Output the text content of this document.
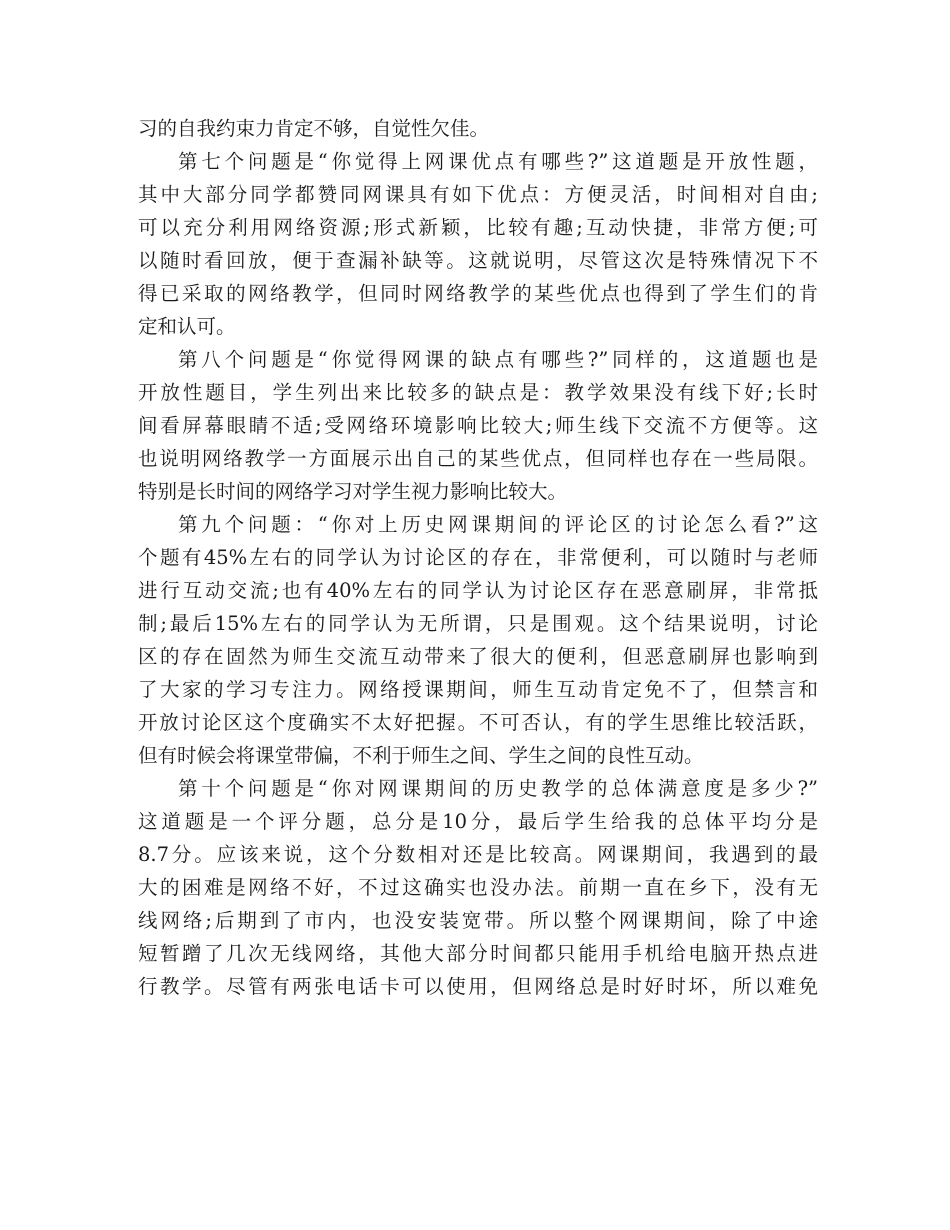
习的自我约束力肯定不够，自觉性欠佳。
第七个问题是“你觉得上网课优点有哪些?”这道题是开放性题，
其中大部分同学都赞同网课具有如下优点：方便灵活，时间相对自由;
可以充分利用网络资源;形式新颖，比较有趣;互动快捷，非常方便;可
以随时看回放，便于查漏补缺等。这就说明，尽管这次是特殊情况下不
得已采取的网络教学，但同时网络教学的某些优点也得到了学生们的肯
定和认可。
第八个问题是“你觉得网课的缺点有哪些?”同样的，这道题也是
开放性题目，学生列出来比较多的缺点是：教学效果没有线下好;长时
间看屏幕眼睛不适;受网络环境影响比较大;师生线下交流不方便等。这
也说明网络教学一方面展示出自己的某些优点，但同样也存在一些局限。
特别是长时间的网络学习对学生视力影响比较大。
第九个问题：“你对上历史网课期间的评论区的讨论怎么看?”这
个题有45%左右的同学认为讨论区的存在，非常便利，可以随时与老师
进行互动交流;也有40%左右的同学认为讨论区存在恶意刷屏，非常抵
制;最后15%左右的同学认为无所谓，只是围观。这个结果说明，讨论
区的存在固然为师生交流互动带来了很大的便利，但恶意刷屏也影响到
了大家的学习专注力。网络授课期间，师生互动肯定免不了，但禁言和
开放讨论区这个度确实不太好把握。不可否认，有的学生思维比较活跃，
但有时候会将课堂带偏，不利于师生之间、学生之间的良性互动。
第十个问题是“你对网课期间的历史教学的总体满意度是多少?”
这道题是一个评分题，总分是10分，最后学生给我的总体平均分是
8.7分。应该来说，这个分数相对还是比较高。网课期间，我遇到的最
大的困难是网络不好，不过这确实也没办法。前期一直在乡下，没有无
线网络;后期到了市内，也没安装宽带。所以整个网课期间，除了中途
短暂蹭了几次无线网络，其他大部分时间都只能用手机给电脑开热点进
行教学。尽管有两张电话卡可以使用，但网络总是时好时坏，所以难免
